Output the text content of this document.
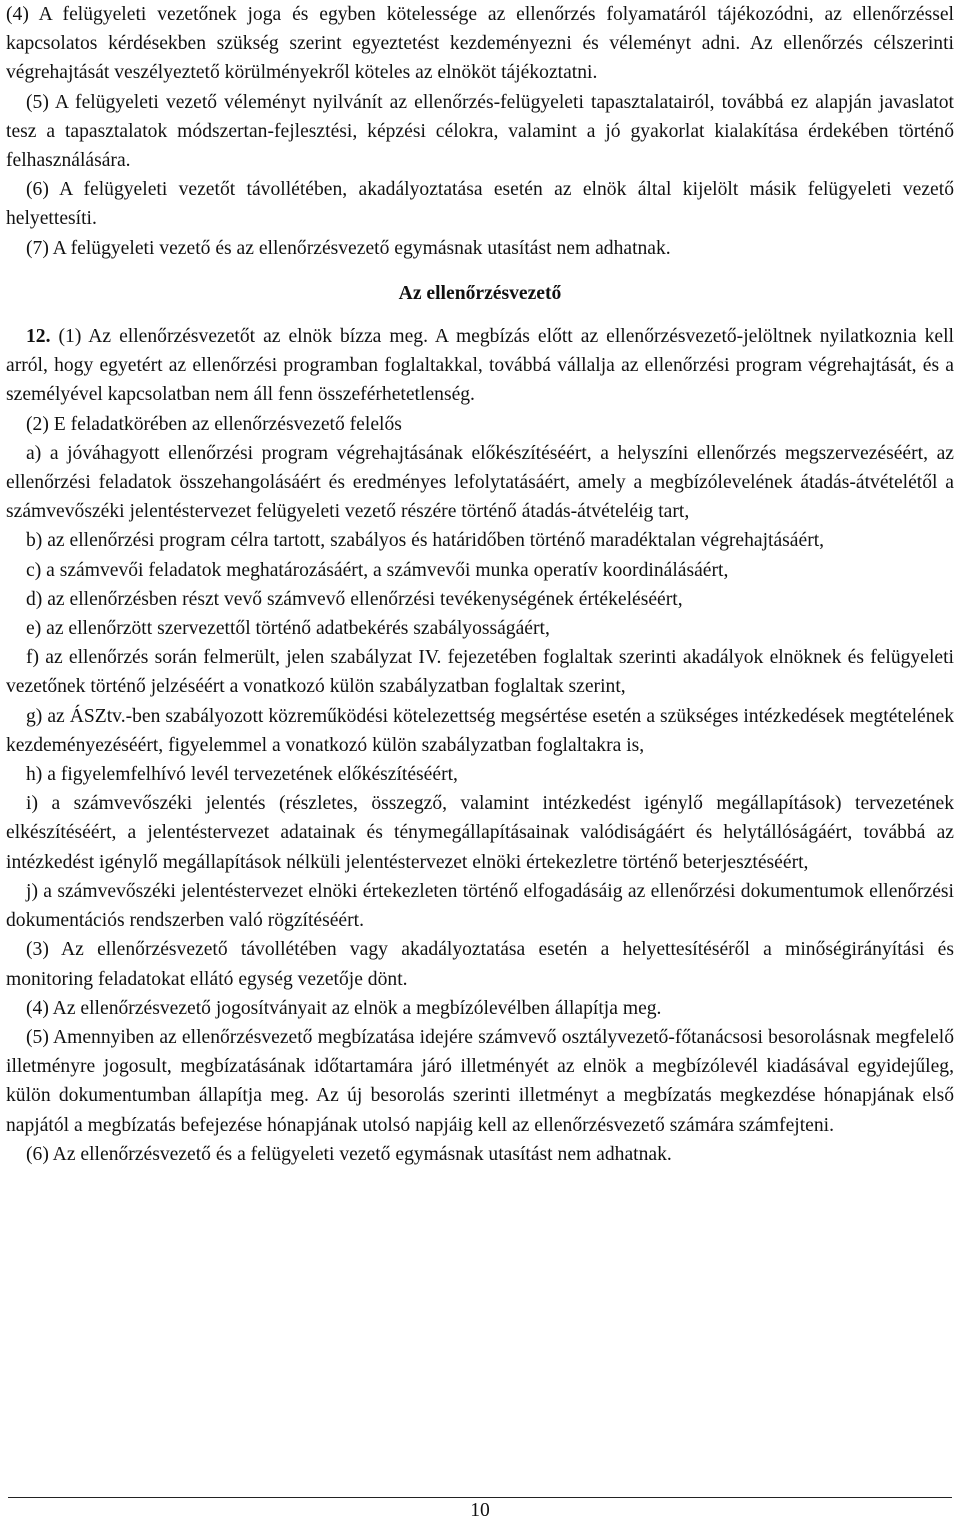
(4) A felügyeleti vezetőnek joga és egyben kötelessége az ellenőrzés folyamatáról tájékozódni, az ellenőrzéssel kapcsolatos kérdésekben szükség szerint egyeztetést kezdeményezni és véleményt adni. Az ellenőrzés célszerinti végrehajtását veszélyeztető körülményekről köteles az elnököt tájékoztatni.

(5) A felügyeleti vezető véleményt nyilvánít az ellenőrzés-felügyeleti tapasztalatairól, továbbá ez alapján javaslatot tesz a tapasztalatok módszertan-fejlesztési, képzési célokra, valamint a jó gyakorlat kialakítása érdekében történő felhasználására.

(6) A felügyeleti vezetőt távollétében, akadályoztatása esetén az elnök által kijelölt másik felügyeleti vezető helyettesíti.

(7) A felügyeleti vezető és az ellenőrzésvezető egymásnak utasítást nem adhatnak.

Az ellenőrzésvezető

12. (1) Az ellenőrzésvezetőt az elnök bízza meg. A megbízás előtt az ellenőrzésvezető-jelöltnek nyilatkoznia kell arról, hogy egyetért az ellenőrzési programban foglaltakkal, továbbá vállalja az ellenőrzési program végrehajtását, és a személyével kapcsolatban nem áll fenn összeférhetetlenség.

(2) E feladatkörében az ellenőrzésvezető felelős

a) a jóváhagyott ellenőrzési program végrehajtásának előkészítéséért, a helyszíni ellenőrzés megszervezéséért, az ellenőrzési feladatok összehangolásáért és eredményes lefolytatásáért, amely a megbízólevelének átadás-átvételétől a számvevőszéki jelentéstervezet felügyeleti vezető részére történő átadás-átvételéig tart,

b) az ellenőrzési program célra tartott, szabályos és határidőben történő maradéktalan végrehajtásáért,

c) a számvevői feladatok meghatározásáért, a számvevői munka operatív koordinálásáért,

d) az ellenőrzésben részt vevő számvevő ellenőrzési tevékenységének értékeléséért,

e) az ellenőrzött szervezettől történő adatbekérés szabályosságáért,

f) az ellenőrzés során felmerült, jelen szabályzat IV. fejezetében foglaltak szerinti akadályok elnöknek és felügyeleti vezetőnek történő jelzéséért a vonatkozó külön szabályzatban foglaltak szerint,

g) az ÁSZtv.-ben szabályozott közreműködési kötelezettség megsértése esetén a szükséges intézkedések megtételének kezdeményezéséért, figyelemmel a vonatkozó külön szabályzatban foglaltakra is,

h) a figyelemfelhívó levél tervezetének előkészítéséért,

i) a számvevőszéki jelentés (részletes, összegző, valamint intézkedést igénylő megállapítások) tervezetének elkészítéséért, a jelentéstervezet adatainak és ténymegállapításainak valódiságáért és helytállóságáért, továbbá az intézkedést igénylő megállapítások nélküli jelentéstervezet elnöki értekezletre történő beterjesztéséért,

j) a számvevőszéki jelentéstervezet elnöki értekezleten történő elfogadásáig az ellenőrzési dokumentumok ellenőrzési dokumentációs rendszerben való rögzítéséért.

(3) Az ellenőrzésvezető távollétében vagy akadályoztatása esetén a helyettesítéséről a minőségirányítási és monitoring feladatokat ellátó egység vezetője dönt.

(4) Az ellenőrzésvezető jogosítványait az elnök a megbízólevélben állapítja meg.

(5) Amennyiben az ellenőrzésvezető megbízatása idejére számvevő osztályvezető-főtanácsosi besorolásnak megfelelő illetményre jogosult, megbízatásának időtartamára járó illetményét az elnök a megbízólevél kiadásával egyidejűleg, külön dokumentumban állapítja meg. Az új besorolás szerinti illetményt a megbízatás megkezdése hónapjának első napjától a megbízatás befejezése hónapjának utolsó napjáig kell az ellenőrzésvezető számára számfejteni.

(6) Az ellenőrzésvezető és a felügyeleti vezető egymásnak utasítást nem adhatnak.

10
